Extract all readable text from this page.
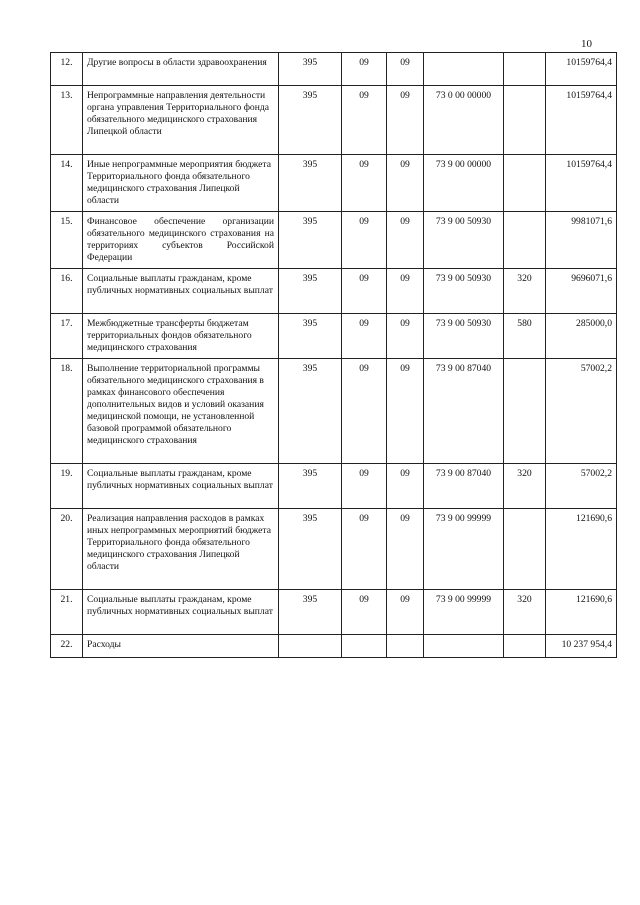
10
12.	Другие вопросы в области здравоохранения	395	09	09			10159764,4
13.	Непрограммные направления деятельности органа управления Территориального фонда обязательного медицинского страхования Липецкой области	395	09	09	73 0 00 00000		10159764,4
14.	Иные непрограммные мероприятия бюджета Территориального фонда обязательного медицинского страхования Липецкой области	395	09	09	73 9 00 00000		10159764,4
15.	Финансовое обеспечение организации обязательного медицинского страхования на территориях субъектов Российской Федерации	395	09	09	73 9 00 50930		9981071,6
16.	Социальные выплаты гражданам, кроме публичных нормативных социальных выплат	395	09	09	73 9 00 50930	320	9696071,6
17.	Межбюджетные трансферты бюджетам территориальных фондов обязательного медицинского страхования	395	09	09	73 9 00 50930	580	285000,0
18.	Выполнение территориальной программы обязательного медицинского страхования в рамках финансового обеспечения дополнительных видов и условий оказания медицинской помощи, не установленной базовой программой обязательного медицинского страхования	395	09	09	73 9 00 87040		57002,2
19.	Социальные выплаты гражданам, кроме публичных нормативных социальных выплат	395	09	09	73 9 00 87040	320	57002,2
20.	Реализация направления расходов в рамках иных непрограммных мероприятий бюджета Территориального фонда обязательного медицинского страхования Липецкой области	395	09	09	73 9 00 99999		121690,6
21.	Социальные выплаты гражданам, кроме публичных нормативных социальных выплат	395	09	09	73 9 00 99999	320	121690,6
22.	Расходы						10 237 954,4
